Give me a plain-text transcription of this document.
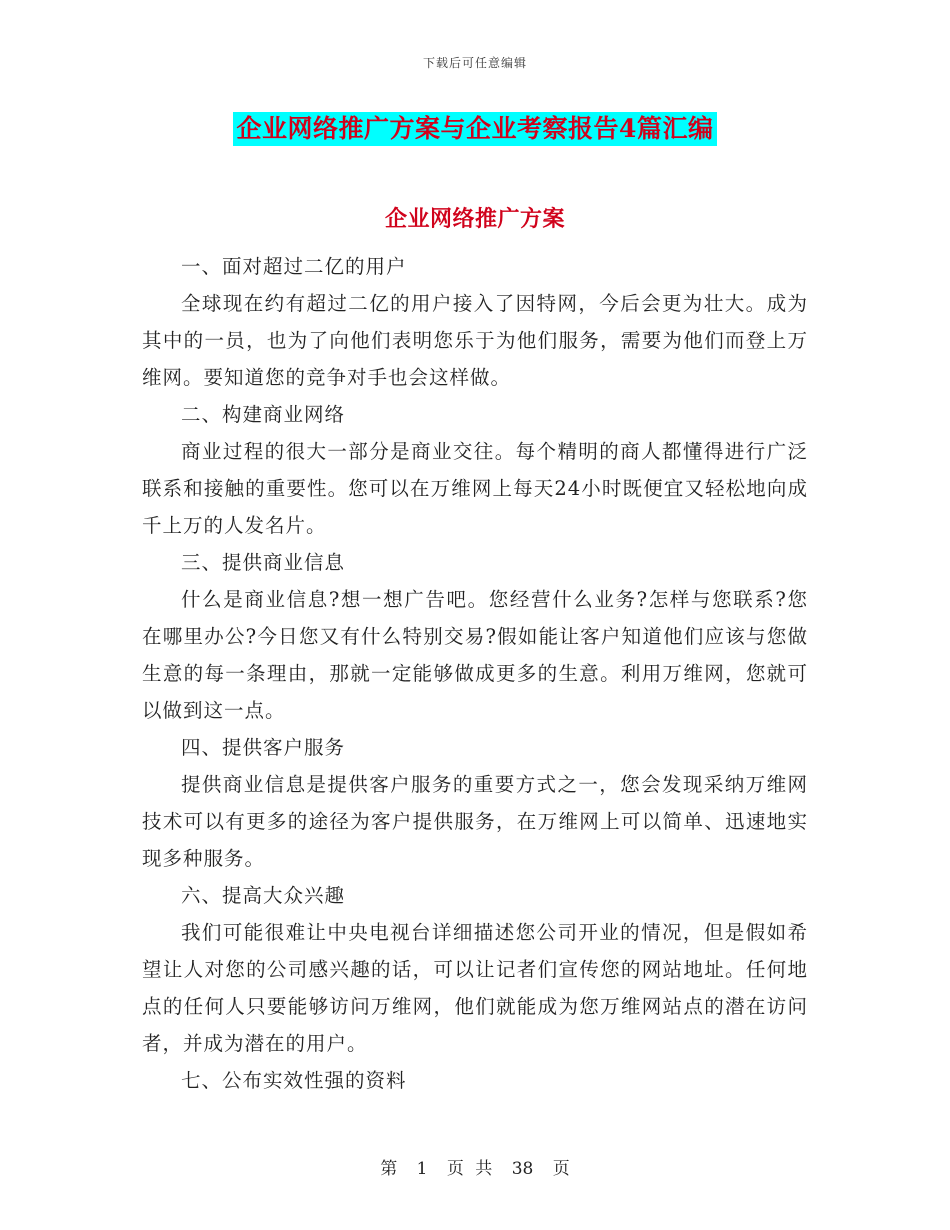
下载后可任意编辑
企业网络推广方案与企业考察报告4篇汇编
企业网络推广方案

一、面对超过二亿的用户

全球现在约有超过二亿的用户接入了因特网，今后会更为壮大。成为其中的一员，也为了向他们表明您乐于为他们服务，需要为他们而登上万维网。要知道您的竞争对手也会这样做。

二、构建商业网络

商业过程的很大一部分是商业交往。每个精明的商人都懂得进行广泛联系和接触的重要性。您可以在万维网上每天24小时既便宜又轻松地向成千上万的人发名片。

三、提供商业信息

什么是商业信息?想一想广告吧。您经营什么业务?怎样与您联系?您在哪里办公?今日您又有什么特别交易?假如能让客户知道他们应该与您做生意的每一条理由，那就一定能够做成更多的生意。利用万维网，您就可以做到这一点。

四、提供客户服务

提供商业信息是提供客户服务的重要方式之一，您会发现采纳万维网技术可以有更多的途径为客户提供服务，在万维网上可以简单、迅速地实现多种服务。

六、提高大众兴趣

我们可能很难让中央电视台详细描述您公司开业的情况，但是假如希望让人对您的公司感兴趣的话，可以让记者们宣传您的网站地址。任何地点的任何人只要能够访问万维网，他们就能成为您万维网站点的潜在访问者，并成为潜在的用户。

七、公布实效性强的资料

第 1 页 共 38 页
